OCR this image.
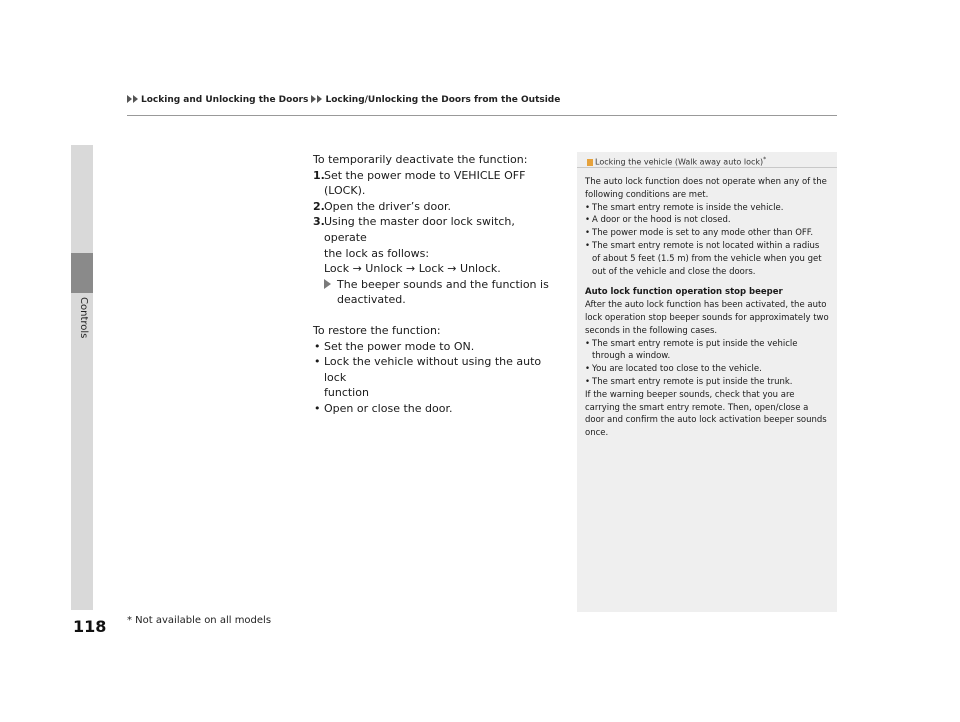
Controls
Locking and Unlocking the Doors Locking/Unlocking the Doors from the Outside

To temporarily deactivate the function:

1. Set the power mode to VEHICLE OFF

(LOCK).

2. Open the driver’s door.
3. Using the master door lock switch, operate

the lock as follows:

Lock → Unlock → Lock → Unlock.

The beeper sounds and the function is

deactivated.

To restore the function:

• Set the power mode to ON.
• Lock the vehicle without using the auto lock

function

• Open or close the door.
Locking the vehicle (Walk away auto lock)*

The auto lock function does not operate when any of the following conditions are met.

• The smart entry remote is inside the vehicle.
• A door or the hood is not closed.
• The power mode is set to any mode other than OFF.
• The smart entry remote is not located within a radius of about 5 feet (1.5 m) from the vehicle when you get out of the vehicle and close the doors.

Auto lock function operation stop beeper

After the auto lock function has been activated, the auto lock operation stop beeper sounds for approximately two seconds in the following cases.

• The smart entry remote is put inside the vehicle through a window.
• You are located too close to the vehicle.
• The smart entry remote is put inside the trunk.

If the warning beeper sounds, check that you are carrying the smart entry remote. Then, open/close a door and confirm the auto lock activation beeper sounds once.

118 * Not available on all models
